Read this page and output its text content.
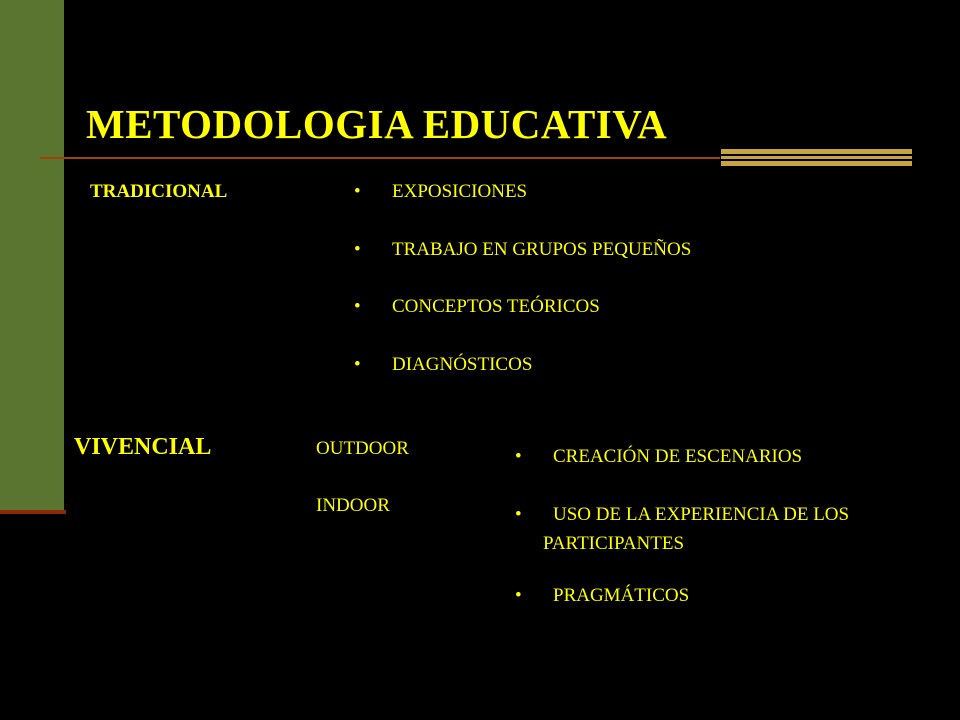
METODOLOGIA EDUCATIVA
TRADICIONAL	• EXPOSICIONES
• TRABAJO EN GRUPOS PEQUEÑOS
• CONCEPTOS TEÓRICOS
• DIAGNÓSTICOS
VIVENCIAL	OUTDOOR
INDOOR
• CREACIÓN DE ESCENARIOS
• USO DE LA EXPERIENCIA DE LOS
PARTICIPANTES
• PRAGMÁTICOS
